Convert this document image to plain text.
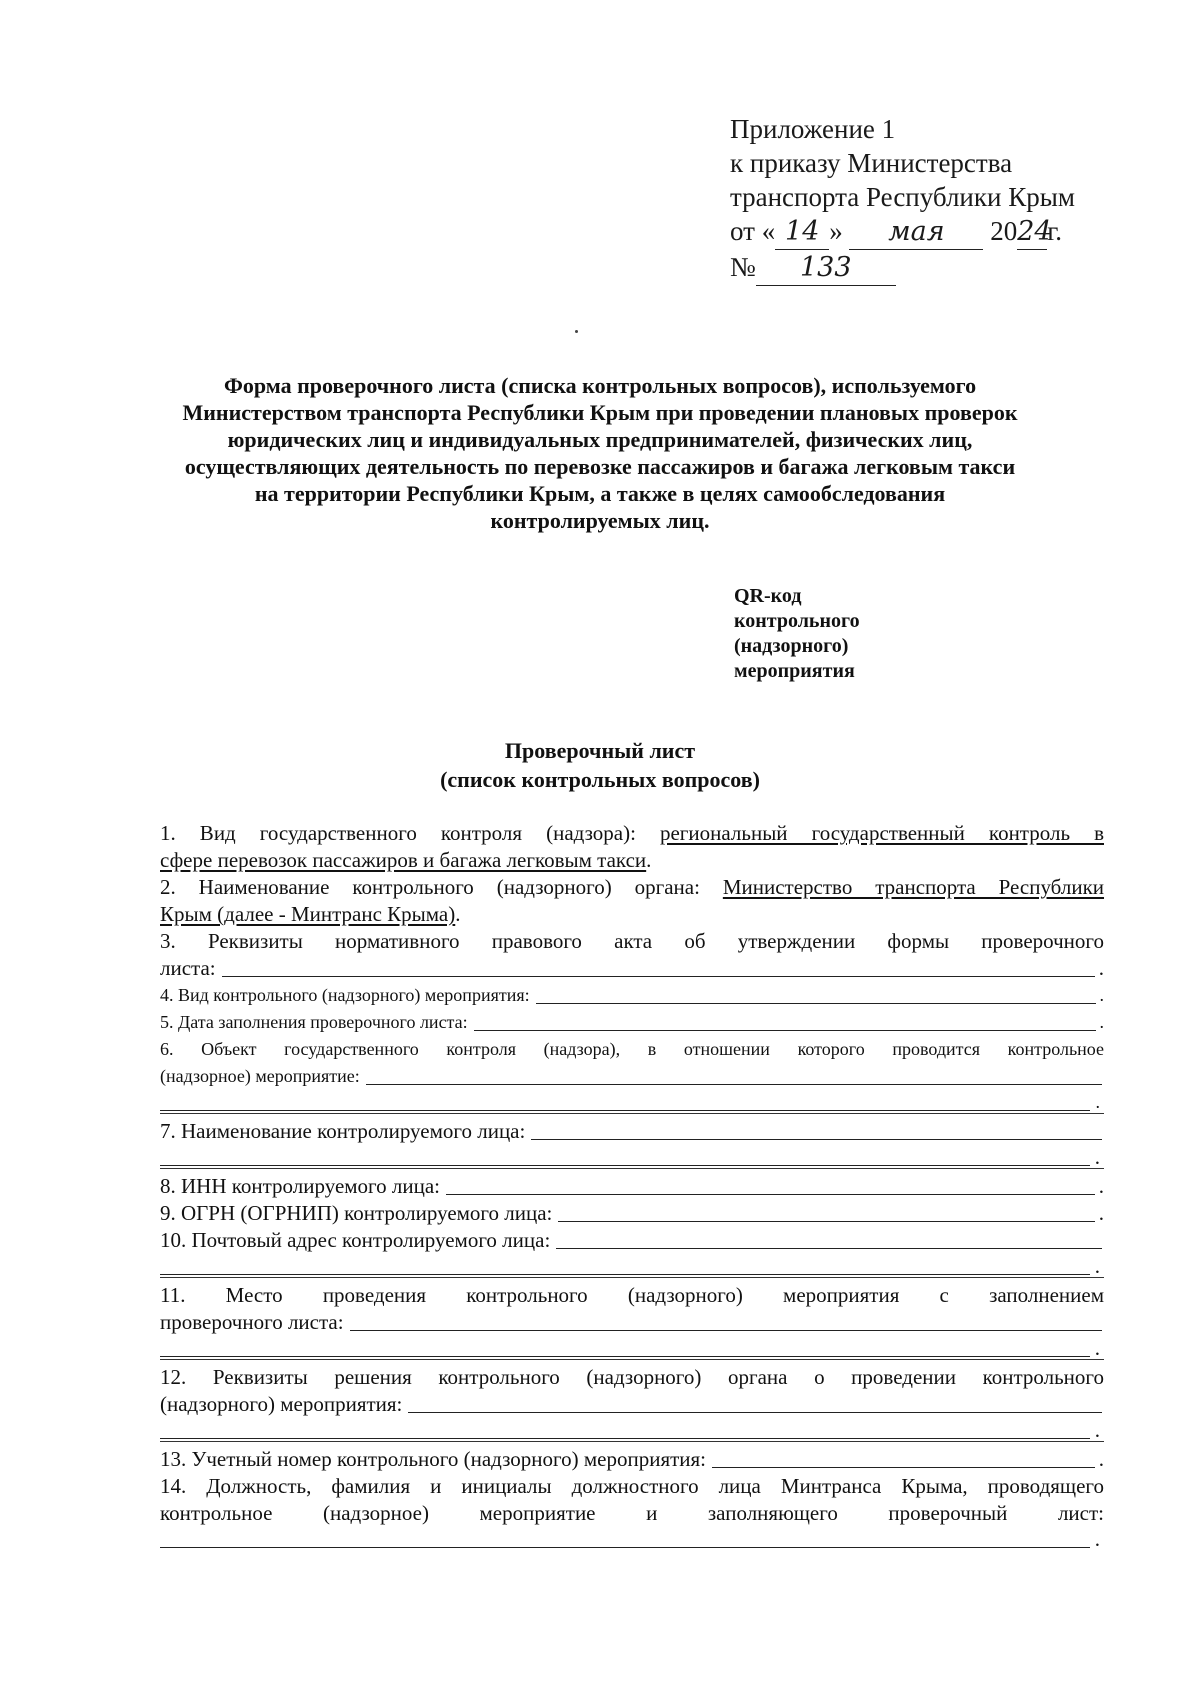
Приложение 1
к приказу Министерства
транспорта Республики Крым
от « 14 » мая 2024г.
№ 133
Форма проверочного листа (списка контрольных вопросов), используемого
Министерством транспорта Республики Крым при проведении плановых проверок
юридических лиц и индивидуальных предпринимателей, физических лиц,
осуществляющих деятельность по перевозке пассажиров и багажа легковым такси
на территории Республики Крым, а также в целях самообследования
контролируемых лиц.
QR-код
контрольного
(надзорного)
мероприятия
Проверочный лист
(список контрольных вопросов)
1. Вид государственного контроля (надзора): региональный государственный контроль в
сфере перевозок пассажиров и багажа легковым такси.
2. Наименование контрольного (надзорного) органа: Министерство транспорта Республики
Крым (далее - Минтранс Крыма).
3. Реквизиты нормативного правового акта об утверждении формы проверочного
листа:	.
4. Вид контрольного (надзорного) мероприятия:	.
5. Дата заполнения проверочного листа:	.
6. Объект государственного контроля (надзора), в отношении которого проводится контрольное
(надзорное) мероприятие:
.
7. Наименование контролируемого лица:
.
8. ИНН контролируемого лица:	.
9. ОГРН (ОГРНИП) контролируемого лица:	.
10. Почтовый адрес контролируемого лица:
.
11. Место проведения контрольного (надзорного) мероприятия с заполнением
проверочного листа:
.
12. Реквизиты решения контрольного (надзорного) органа о проведении контрольного
(надзорного) мероприятия:
.
13. Учетный номер контрольного (надзорного) мероприятия:	.
14. Должность, фамилия и инициалы должностного лица Минтранса Крыма, проводящего
контрольное (надзорное) мероприятие и заполняющего проверочный лист:
.
